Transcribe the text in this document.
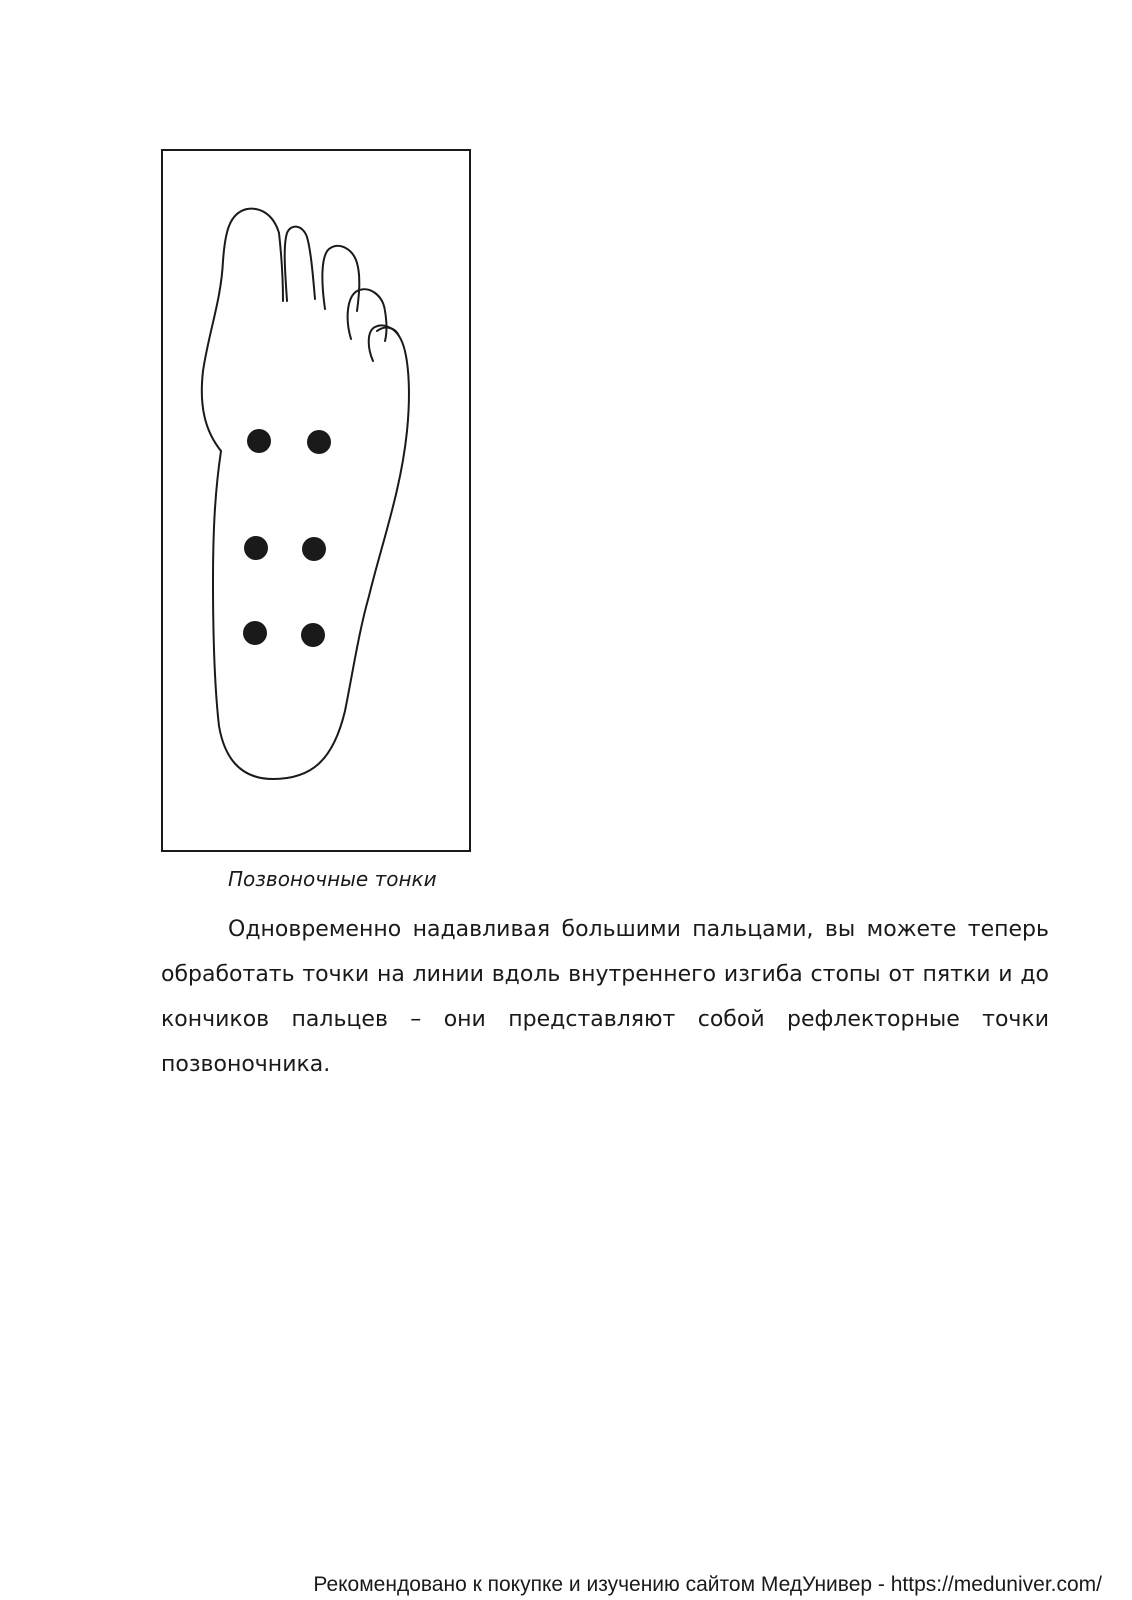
Позвоночные тонки

Одновременно надавливая большими пальцами, вы можете теперь обработать точки на линии вдоль внутреннего изгиба стопы от пятки и до кончиков пальцев – они представляют собой рефлекторные точки позвоночника.

Рекомендовано к покупке и изучению сайтом МедУнивер - https://meduniver.com/
